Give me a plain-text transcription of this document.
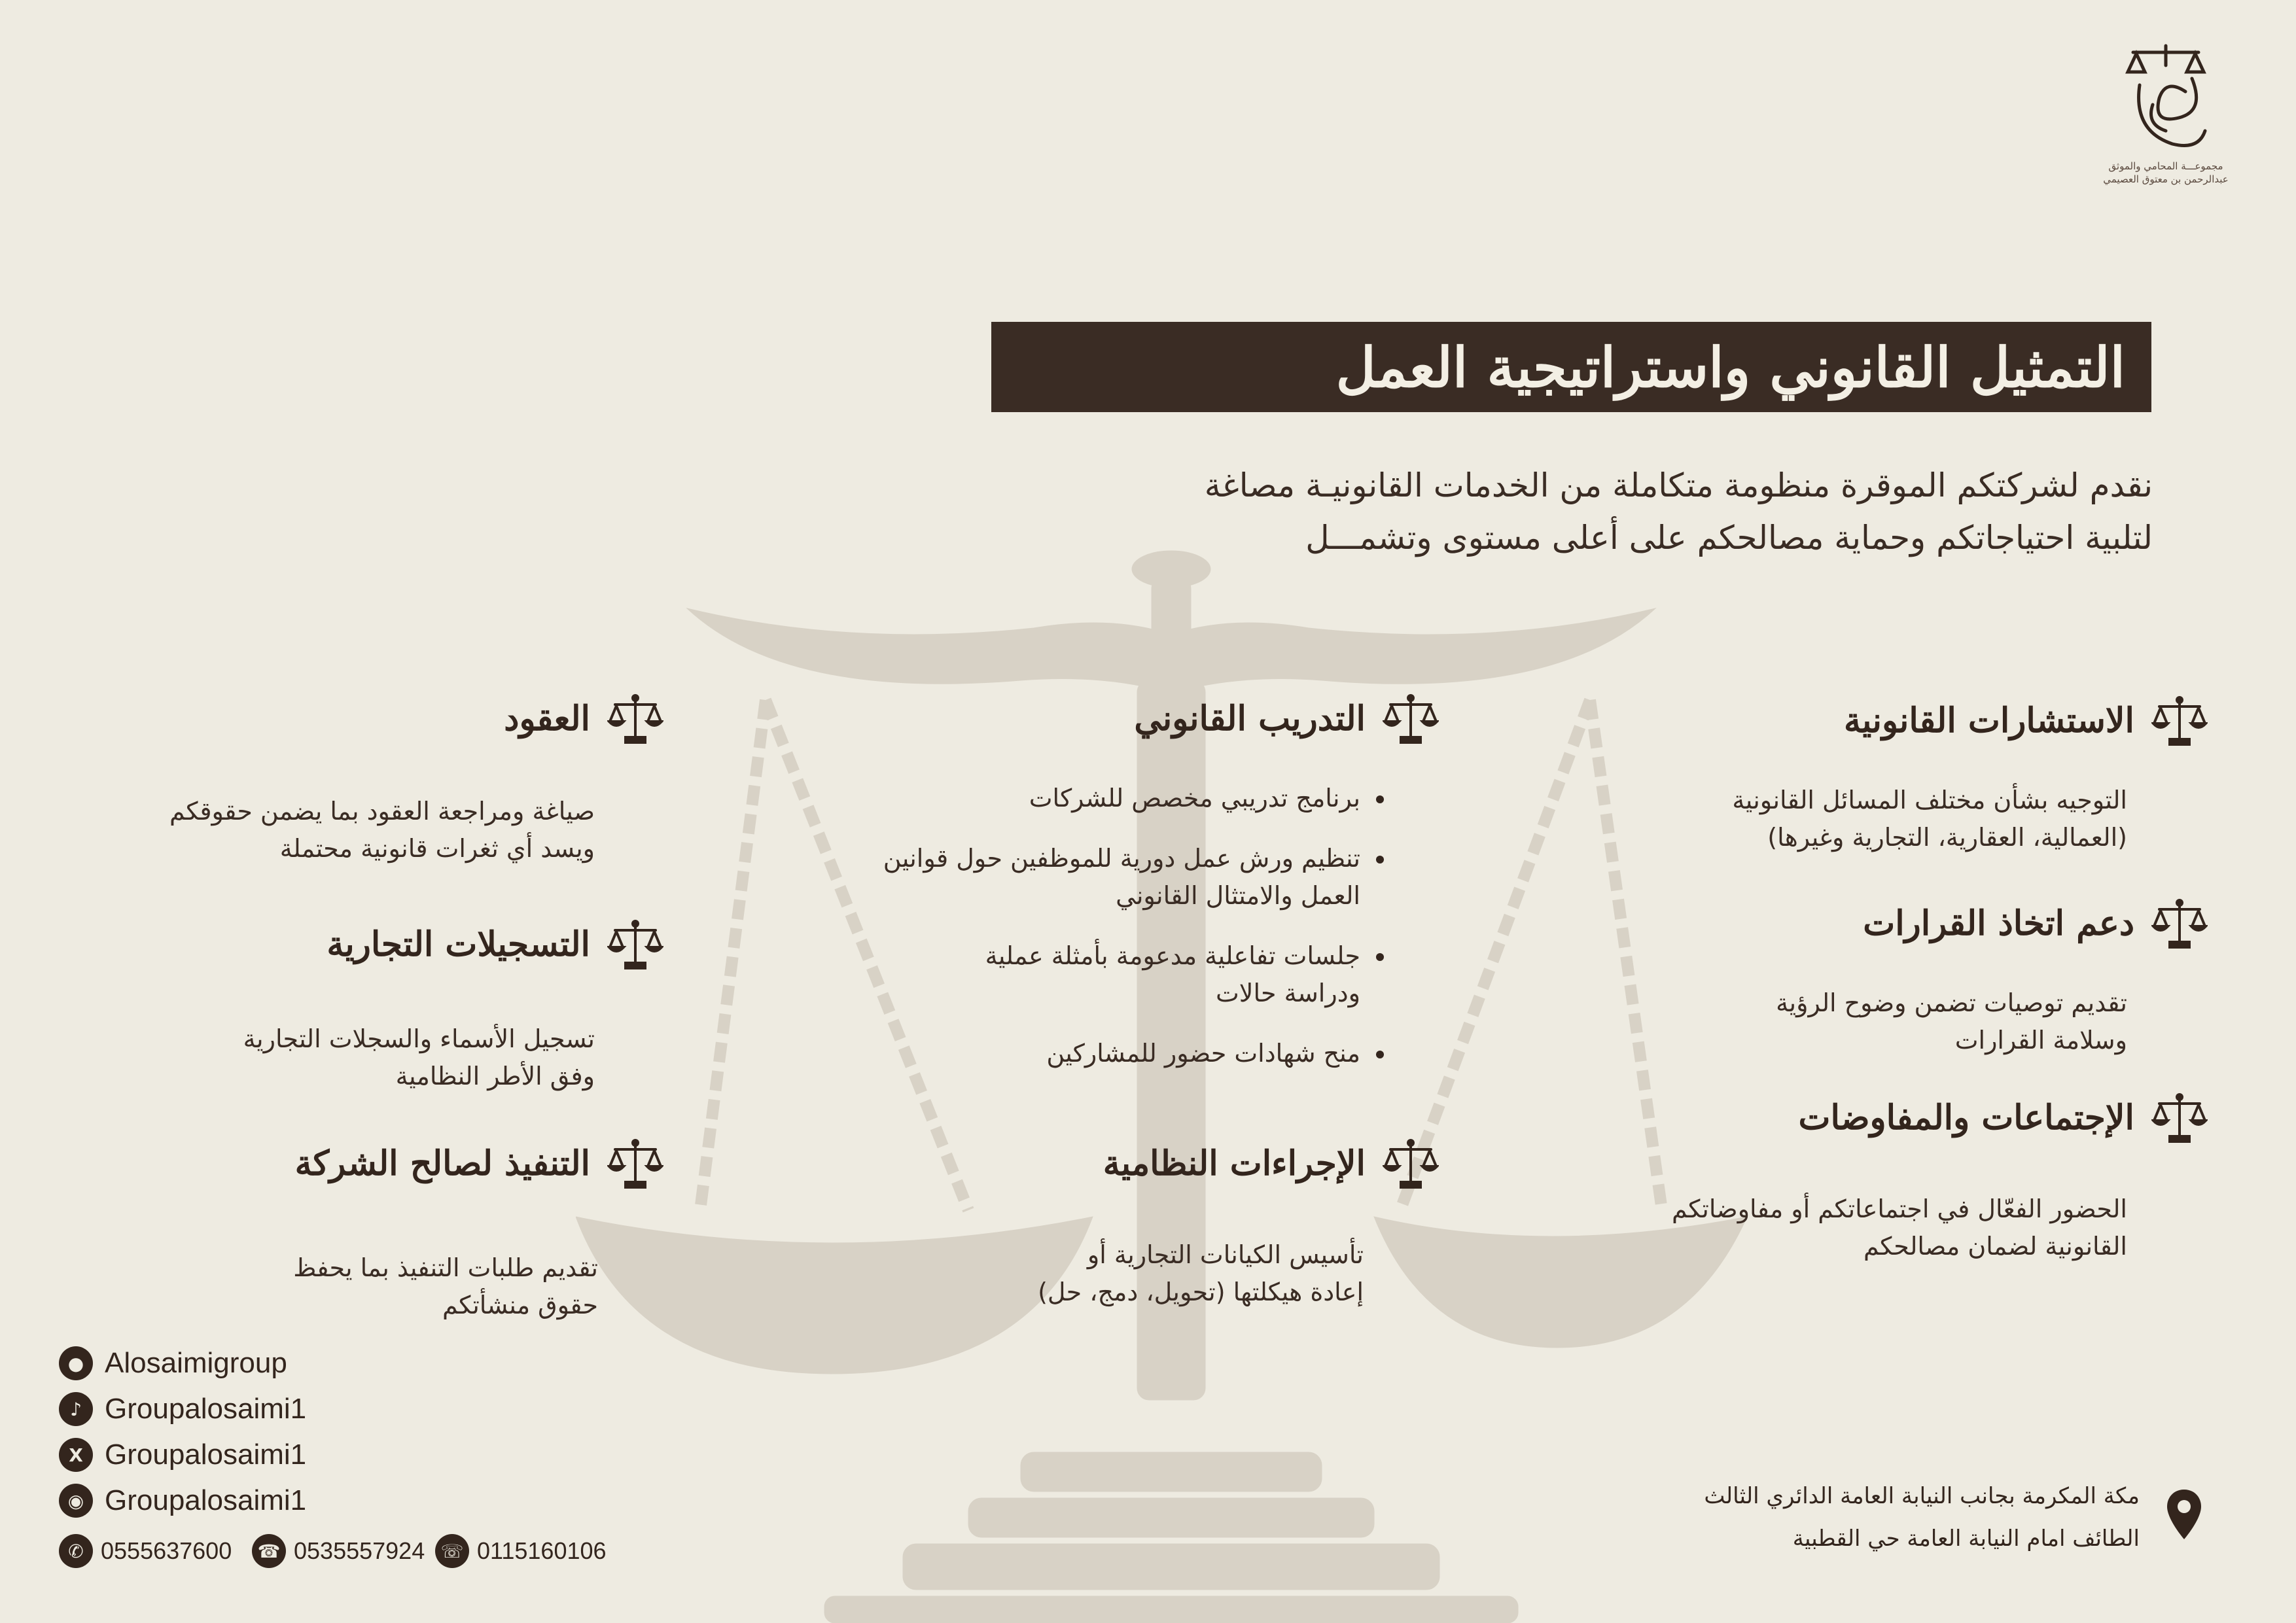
مجموعـــة المحامي والموثق
عبدالرحمن بن معتوق العصيمي
التمثيل القانوني واستراتيجية العمل
نقدم لشركتكم الموقرة منظومة متكاملة من الخدمات القانونيـة مصاغة
لتلبية احتياجاتكم وحماية مصالحكم على أعلى مستوى وتشمـــل
الاستشارات القانونية
التوجيه بشأن مختلف المسائل القانونية
(العمالية، العقارية، التجارية وغيرها)
دعم اتخاذ القرارات
تقديم توصيات تضمن وضوح الرؤية
وسلامة القرارات
الإجتماعات والمفاوضات
الحضور الفعّال في اجتماعاتكم أو مفاوضاتكم
القانونية لضمان مصالحكم
التدريب القانوني
برنامج تدريبي مخصص للشركات
تنظيم ورش عمل دورية للموظفين حول قوانين
العمل والامتثال القانوني
جلسات تفاعلية مدعومة بأمثلة عملية
ودراسة حالات
منح شهادات حضور للمشاركين
الإجراءات النظامية
تأسيس الكيانات التجارية أو
إعادة هيكلتها (تحويل، دمج، حل)
العقود
صياغة ومراجعة العقود بما يضمن حقوقكم
ويسد أي ثغرات قانونية محتملة
التسجيلات التجارية
تسجيل الأسماء والسجلات التجارية
وفق الأطر النظامية
التنفيذ لصالح الشركة
تقديم طلبات التنفيذ بما يحفظ
حقوق منشأتكم
● Alosaimigroup
♪ Groupalosaimi1
X Groupalosaimi1
◉ Groupalosaimi1
✆ 0555637600	☎ 0535557924 ☏ 0115160106
مكة المكرمة بجانب النيابة العامة الدائري الثالث
الطائف امام النيابة العامة حي القطبية
